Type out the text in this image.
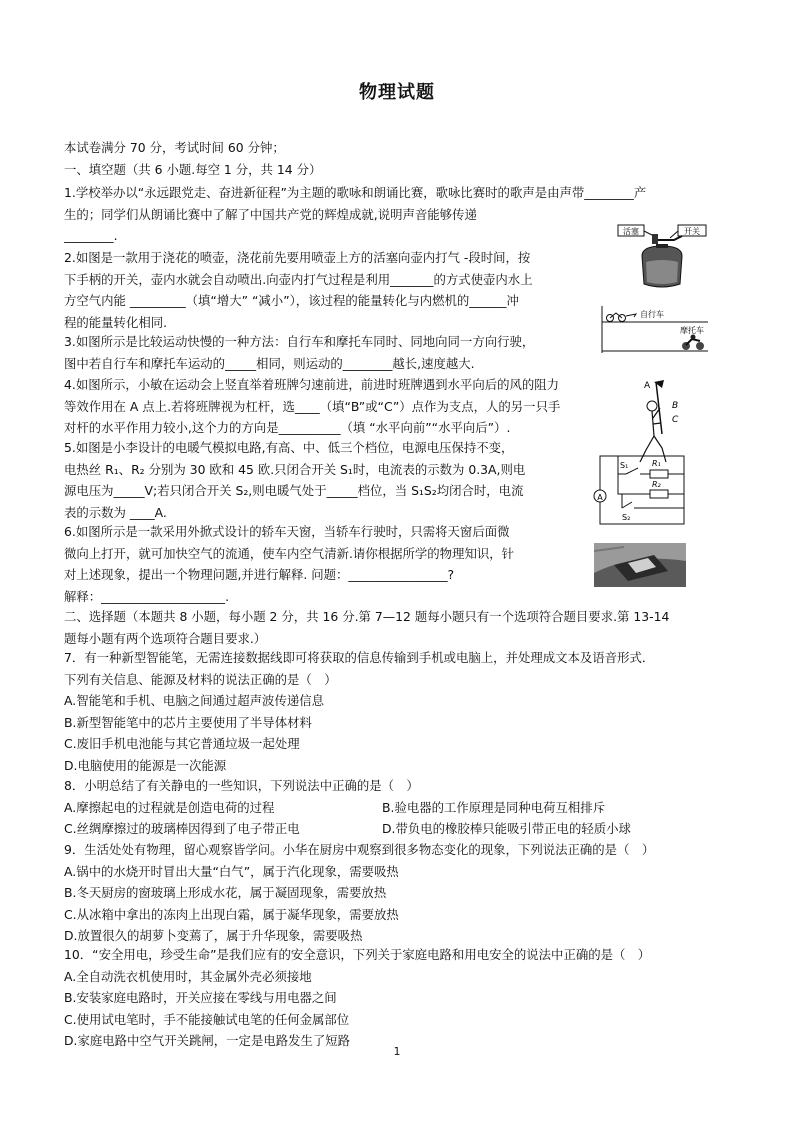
物理试题
本试卷满分 70 分，考试时间 60 分钟；
一、填空题（共 6 小题.每空 1 分，共 14 分）
1.学校举办以“永远跟党走、奋进新征程”为主题的歌咏和朗诵比赛，歌咏比赛时的歌声是由声带________产
生的；同学们从朗诵比赛中了解了中国共产党的辉煌成就,说明声音能够传递
________.
2.如图是一款用于浇花的喷壶，浇花前先要用喷壶上方的活塞向壶内打气 -段时间，按
下手柄的开关，壶内水就会自动喷出.向壶内打气过程是利用_______的方式使壶内水上
方空气内能 _________（填“增大” “减小”），该过程的能量转化与内燃机的______冲
程的能量转化相同.
3.如图所示是比较运动快慢的一种方法：自行车和摩托车同时、同地向同一方向行驶，
图中若自行车和摩托车运动的_____相同，则运动的________越长,速度越大.
4.如图所示，小敏在运动会上竖直举着班牌匀速前进，前进时班牌遇到水平向后的风的阻力
等效作用在 A 点上.若将班牌视为杠杆，选____（填“B”或“C”）点作为支点，人的另一只手
对杆的水平作用力较小,这个力的方向是__________（填 “水平向前”“水平向后”）.
5.如图是小李设计的电暖气模拟电路,有高、中、低三个档位，电源电压保持不变，
电热丝 R₁、R₂ 分别为 30 欧和 45 欧.只闭合开关 S₁时，电流表的示数为 0.3A,则电
源电压为_____V;若只闭合开关 S₂,则电暖气处于_____档位，当 S₁S₂均闭合时，电流
表的示数为 ____A.
6.如图所示是一款采用外掀式设计的轿车天窗，当轿车行驶时，只需将天窗后面微
微向上打开，就可加快空气的流通，使车内空气清新.请你根据所学的物理知识，针
对上述现象，提出一个物理问题,并进行解释. 问题：________________?
解释：____________________.
二、选择题（本题共 8 小题，每小题 2 分，共 16 分.第 7—12 题每小题只有一个选项符合题目要求.第 13-14
题每小题有两个选项符合题目要求.）
7．有一种新型智能笔，无需连接数据线即可将获取的信息传输到手机或电脑上，并处理成文本及语音形式．
下列有关信息、能源及材料的说法正确的是（　）
A.智能笔和手机、电脑之间通过超声波传递信息
B.新型智能笔中的芯片主要使用了半导体材料
C.废旧手机电池能与其它普通垃圾一起处理
D.电脑使用的能源是一次能源
8．小明总结了有关静电的一些知识，下列说法中正确的是（　）
A.摩擦起电的过程就是创造电荷的过程	B.验电器的工作原理是同种电荷互相排斥
C.丝绸摩擦过的玻璃棒因得到了电子带正电	D.带负电的橡胶棒只能吸引带正电的轻质小球
9．生活处处有物理，留心观察皆学问。小华在厨房中观察到很多物态变化的现象，下列说法正确的是（　）
A.锅中的水烧开时冒出大量“白气”，属于汽化现象，需要吸热
B.冬天厨房的窗玻璃上形成水花，属于凝固现象，需要放热
C.从冰箱中拿出的冻肉上出现白霜，属于凝华现象，需要放热
D.放置很久的胡萝卜变蔫了，属于升华现象，需要吸热
10．“安全用电，珍受生命”是我们应有的安全意识，下列关于家庭电路和用电安全的说法中正确的是（　）
A.全自动洗衣机使用时，其金属外壳必须接地
B.安装家庭电路时，开关应接在零线与用电器之间
C.使用试电笔时，手不能接触试电笔的任何金属部位
D.家庭电路中空气开关跳闸，一定是电路发生了短路
1
活塞	开关
自行车
摩托车
A
B
C
A
S₁	R₁
R₂
S₂
